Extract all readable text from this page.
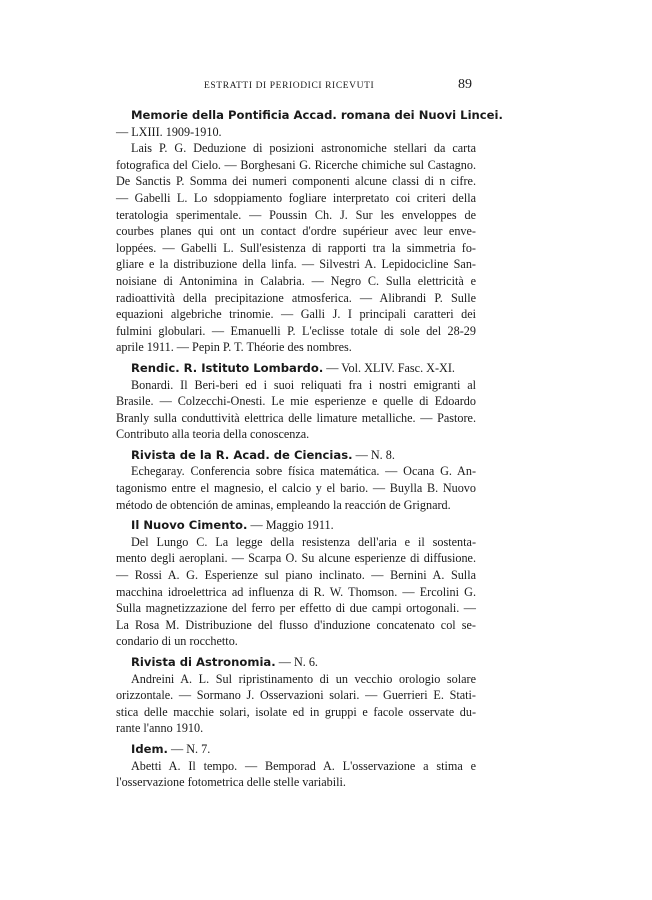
ESTRATTI DI PERIODICI RICEVUTI	89
Memorie della Pontificia Accad. romana dei Nuovi Lincei.
— LXIII. 1909-1910.
Lais P. G. Deduzione di posizioni astronomiche stellari da carta
fotografica del Cielo. — Borghesani G. Ricerche chimiche sul Castagno.
De Sanctis P. Somma dei numeri componenti alcune classi di n cifre.
— Gabelli L. Lo sdoppiamento fogliare interpretato coi criteri della
teratologia sperimentale. — Poussin Ch. J. Sur les enveloppes de
courbes planes qui ont un contact d'ordre supérieur avec leur enve-
loppées. — Gabelli L. Sull'esistenza di rapporti tra la simmetria fo-
gliare e la distribuzione della linfa. — Silvestri A. Lepidocicline San-
noisiane di Antonimina in Calabria. — Negro C. Sulla elettricità e
radioattività della precipitazione atmosferica. — Alibrandi P. Sulle
equazioni algebriche trinomie. — Galli J. I principali caratteri dei
fulmini globulari. — Emanuelli P. L'eclisse totale di sole del 28-29
aprile 1911. — Pepin P. T. Théorie des nombres.
Rendic. R. Istituto Lombardo. — Vol. XLIV. Fasc. X-XI.
Bonardi. Il Beri-beri ed i suoi reliquati fra i nostri emigranti al
Brasile. — Colzecchi-Onesti. Le mie esperienze e quelle di Edoardo
Branly sulla conduttività elettrica delle limature metalliche. — Pastore.
Contributo alla teoria della conoscenza.
Rivista de la R. Acad. de Ciencias. — N. 8.
Echegaray. Conferencia sobre física matemática. — Ocana G. An-
tagonismo entre el magnesio, el calcio y el bario. — Buylla B. Nuovo
método de obtención de aminas, empleando la reacción de Grignard.
Il Nuovo Cimento. — Maggio 1911.
Del Lungo C. La legge della resistenza dell'aria e il sostenta-
mento degli aeroplani. — Scarpa O. Su alcune esperienze di diffusione.
— Rossi A. G. Esperienze sul piano inclinato. — Bernini A. Sulla
macchina idroelettrica ad influenza di R. W. Thomson. — Ercolini G.
Sulla magnetizzazione del ferro per effetto di due campi ortogonali. —
La Rosa M. Distribuzione del flusso d'induzione concatenato col se-
condario di un rocchetto.
Rivista di Astronomia. — N. 6.
Andreini A. L. Sul ripristinamento di un vecchio orologio solare
orizzontale. — Sormano J. Osservazioni solari. — Guerrieri E. Stati-
stica delle macchie solari, isolate ed in gruppi e facole osservate du-
rante l'anno 1910.
Idem. — N. 7.
Abetti A. Il tempo. — Bemporad A. L'osservazione a stima e
l'osservazione fotometrica delle stelle variabili.
